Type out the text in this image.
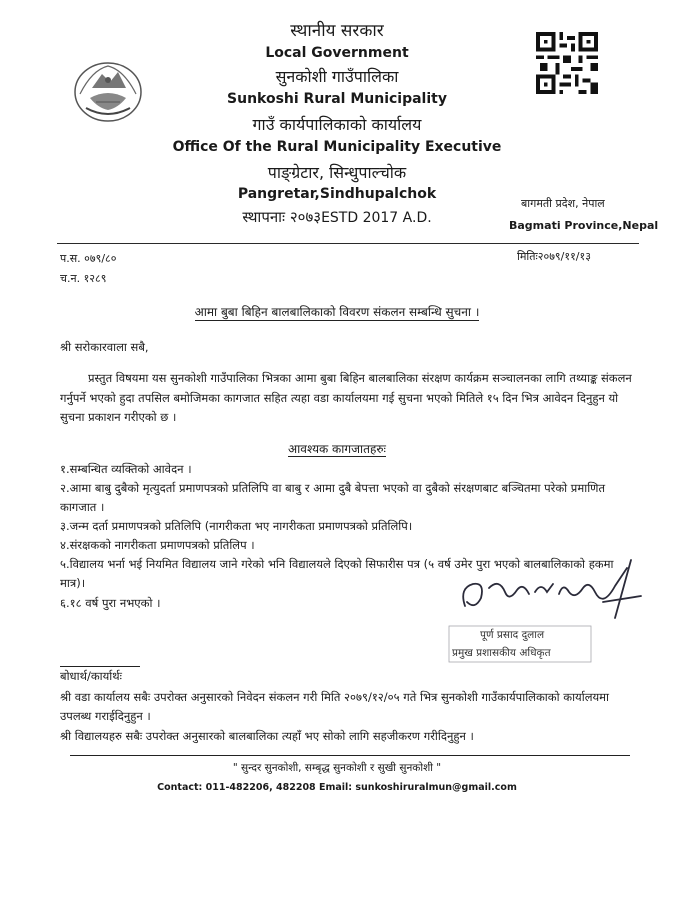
स्थानीय सरकार
Local Government
सुनकोशी गाउँपालिका
Sunkoshi Rural Municipality
गाउँ कार्यपालिकाको कार्यालय
Office Of the Rural Municipality Executive
पाङ्ग्रेटार, सिन्धुपाल्चोक
Pangretar,Sindhupalchok
स्थापनाः २०७३ESTD 2017 A.D.
बागमती प्रदेश, नेपाल
Bagmati Province,Nepal
प.स. ०७९/८०
च.न. १२८९
मितिः२०७९/११/१३
आमा बुबा बिहिन बालबालिकाको विवरण संकलन सम्बन्धि सुचना ।
श्री सरोकारवाला सबै,
प्रस्तुत विषयमा यस सुनकोशी गाउँपालिका भित्रका आमा बुबा बिहिन बालबालिका संरक्षण कार्यक्रम सञ्चालनका लागि तथ्याङ्क संकलन गर्नुपर्ने भएको हुदा तपसिल बमोजिमका कागजात सहित त्यहा वडा कार्यालयमा गई सुचना भएको मितिले १५ दिन भित्र आवेदन दिनुहुन यो सुचना प्रकाशन गरीएको छ ।
आवश्यक कागजातहरुः
१.सम्बन्धित व्यक्तिको आवेदन ।
२.आमा बाबु दुबैको मृत्युदर्ता प्रमाणपत्रको प्रतिलिपि वा बाबु र आमा दुबै बेपत्ता भएको वा दुबैको संरक्षणबाट बञ्चितमा परेको प्रमाणित कागजात ।
३.जन्म दर्ता प्रमाणपत्रको प्रतिलिपि (नागरीकता भए नागरीकता प्रमाणपत्रको प्रतिलिपि।
४.संरक्षकको नागरीकता प्रमाणपत्रको प्रतिलिप ।
५.विद्यालय भर्ना भई नियमित विद्यालय जाने गरेको भनि विद्यालयले दिएको सिफारीस पत्र (५ वर्ष उमेर पुरा भएको बालबालिकाको हकमा मात्र)।
६.१८ वर्ष पुरा नभएको ।
पूर्ण प्रसाद दुलाल
प्रमुख प्रशासकीय अधिकृत
बोधार्थ/कार्यार्थः
श्री वडा कार्यालय सबैः उपरोक्त अनुसारको निवेदन संकलन गरी मिति २०७९/१२/०५ गते भित्र सुनकोशी गाउँकार्यपालिकाको कार्यालयमा उपलब्ध गराईदिनुहुन ।
श्री विद्यालयहरु सबैः उपरोक्त अनुसारको बालबालिका त्यहाँ भए सोको लागि सहजीकरण गरीदिनुहुन ।
" सुन्दर सुनकोशी, सम्बृद्ध सुनकोशी र सुखी सुनकोशी "
Contact: 011-482206, 482208 Email: sunkoshiruralmun@gmail.com
